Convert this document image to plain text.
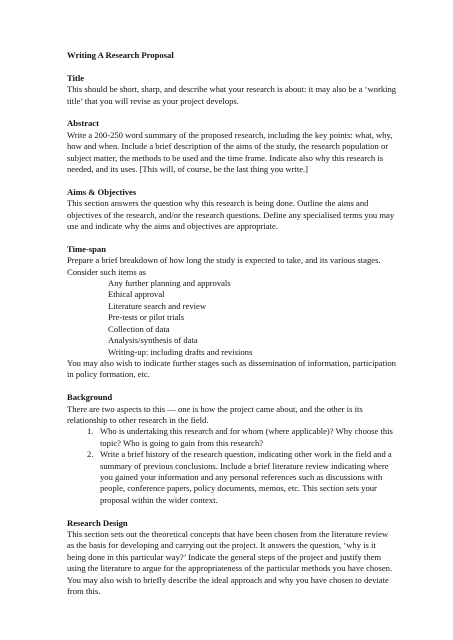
Writing A Research Proposal
Title

This should be short, sharp, and describe what your research is about: it may also be a ‘working title’ that you will revise as your project develops.

Abstract

Write a 200-250 word summary of the proposed research, including the key points: what, why, how and when. Include a brief description of the aims of the study, the research population or subject matter, the methods to be used and the time frame. Indicate also why this research is needed, and its uses. [This will, of course, be the last thing you write.]

Aims & Objectives

This section answers the question why this research is being done. Outline the aims and objectives of the research, and/or the research questions. Define any specialised terms you may use and indicate why the aims and objectives are appropriate.

Time-span

Prepare a brief breakdown of how long the study is expected to take, and its various stages. Consider such items as

Any further planning and approvals
Ethical approval
Literature search and review
Pre-tests or pilot trials
Collection of data
Analysis/synthesis of data
Writing-up: including drafts and revisions

You may also wish to indicate further stages such as dissemination of information, participation in policy formation, etc.

Background

There are two aspects to this — one is how the project came about, and the other is its relationship to other research in the field.

1. Who is undertaking this research and for whom (where applicable)? Why choose this topic? Who is going to gain from this research?
2. Write a brief history of the research question, indicating other work in the field and a summary of previous conclusions. Include a brief literature review indicating where you gained your information and any personal references such as discussions with people, conference papers, policy documents, memos, etc. This section sets your proposal within the wider context.
Research Design

This section sets out the theoretical concepts that have been chosen from the literature review as the basis for developing and carrying out the project. It answers the question, ‘why is it being done in this particular way?’ Indicate the general steps of the project and justify them using the literature to argue for the appropriateness of the particular methods you have chosen. You may also wish to briefly describe the ideal approach and why you have chosen to deviate from this.
